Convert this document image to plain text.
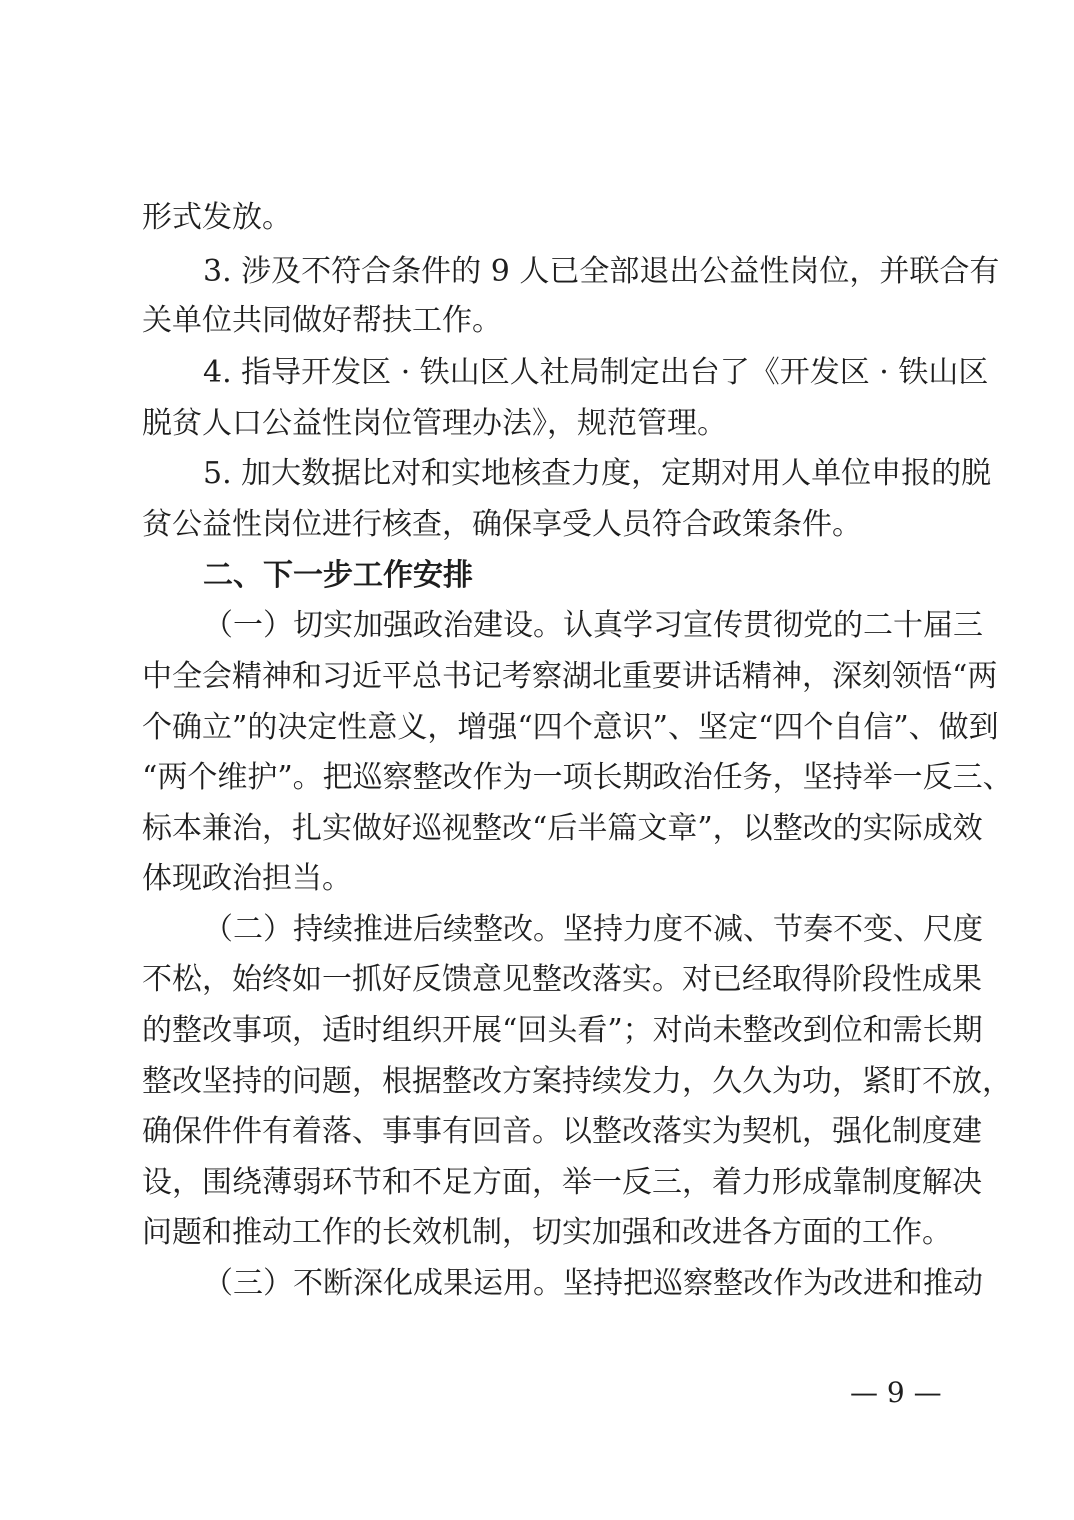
形式发放。
3. 涉及不符合条件的 9 人已全部退出公益性岗位，并联合有
关单位共同做好帮扶工作。
4. 指导开发区 · 铁山区人社局制定出台了《开发区 · 铁山区
脱贫人口公益性岗位管理办法》，规范管理。
5. 加大数据比对和实地核查力度，定期对用人单位申报的脱
贫公益性岗位进行核查，确保享受人员符合政策条件。
二、下一步工作安排
（一）切实加强政治建设。认真学习宣传贯彻党的二十届三
中全会精神和习近平总书记考察湖北重要讲话精神，深刻领悟“两
个确立”的决定性意义，增强“四个意识”、坚定“四个自信”、做到
“两个维护”。把巡察整改作为一项长期政治任务，坚持举一反三、
标本兼治，扎实做好巡视整改“后半篇文章”，以整改的实际成效
体现政治担当。
（二）持续推进后续整改。坚持力度不减、节奏不变、尺度
不松，始终如一抓好反馈意见整改落实。对已经取得阶段性成果
的整改事项，适时组织开展“回头看”；对尚未整改到位和需长期
整改坚持的问题，根据整改方案持续发力，久久为功，紧盯不放，
确保件件有着落、事事有回音。以整改落实为契机，强化制度建
设，围绕薄弱环节和不足方面，举一反三，着力形成靠制度解决
问题和推动工作的长效机制，切实加强和改进各方面的工作。
（三）不断深化成果运用。坚持把巡察整改作为改进和推动
— 9 —
